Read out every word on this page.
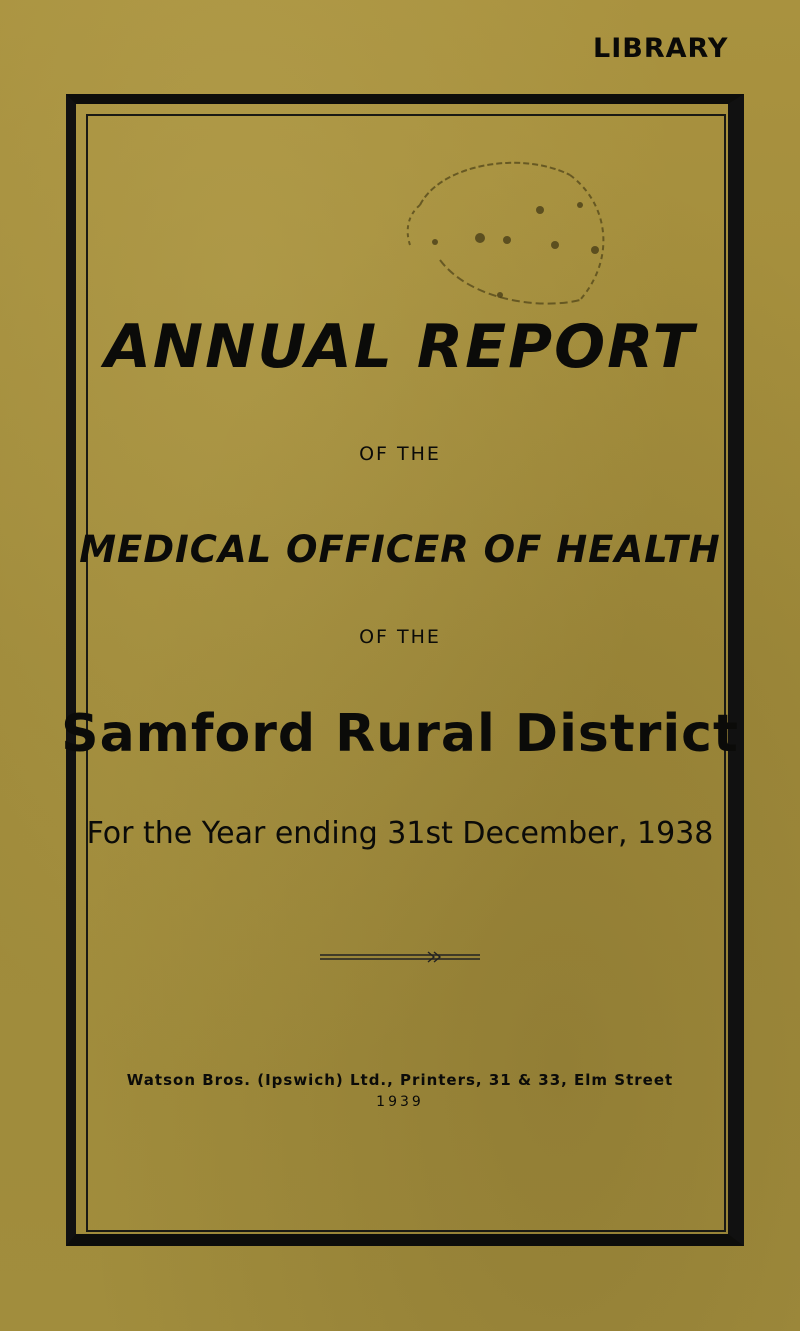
LIBRARY
ANNUAL REPORT
OF THE
MEDICAL OFFICER OF HEALTH
OF THE
Samford Rural District
For the Year ending 31st December, 1938
Watson Bros. (Ipswich) Ltd., Printers, 31 & 33, Elm Street
1939
